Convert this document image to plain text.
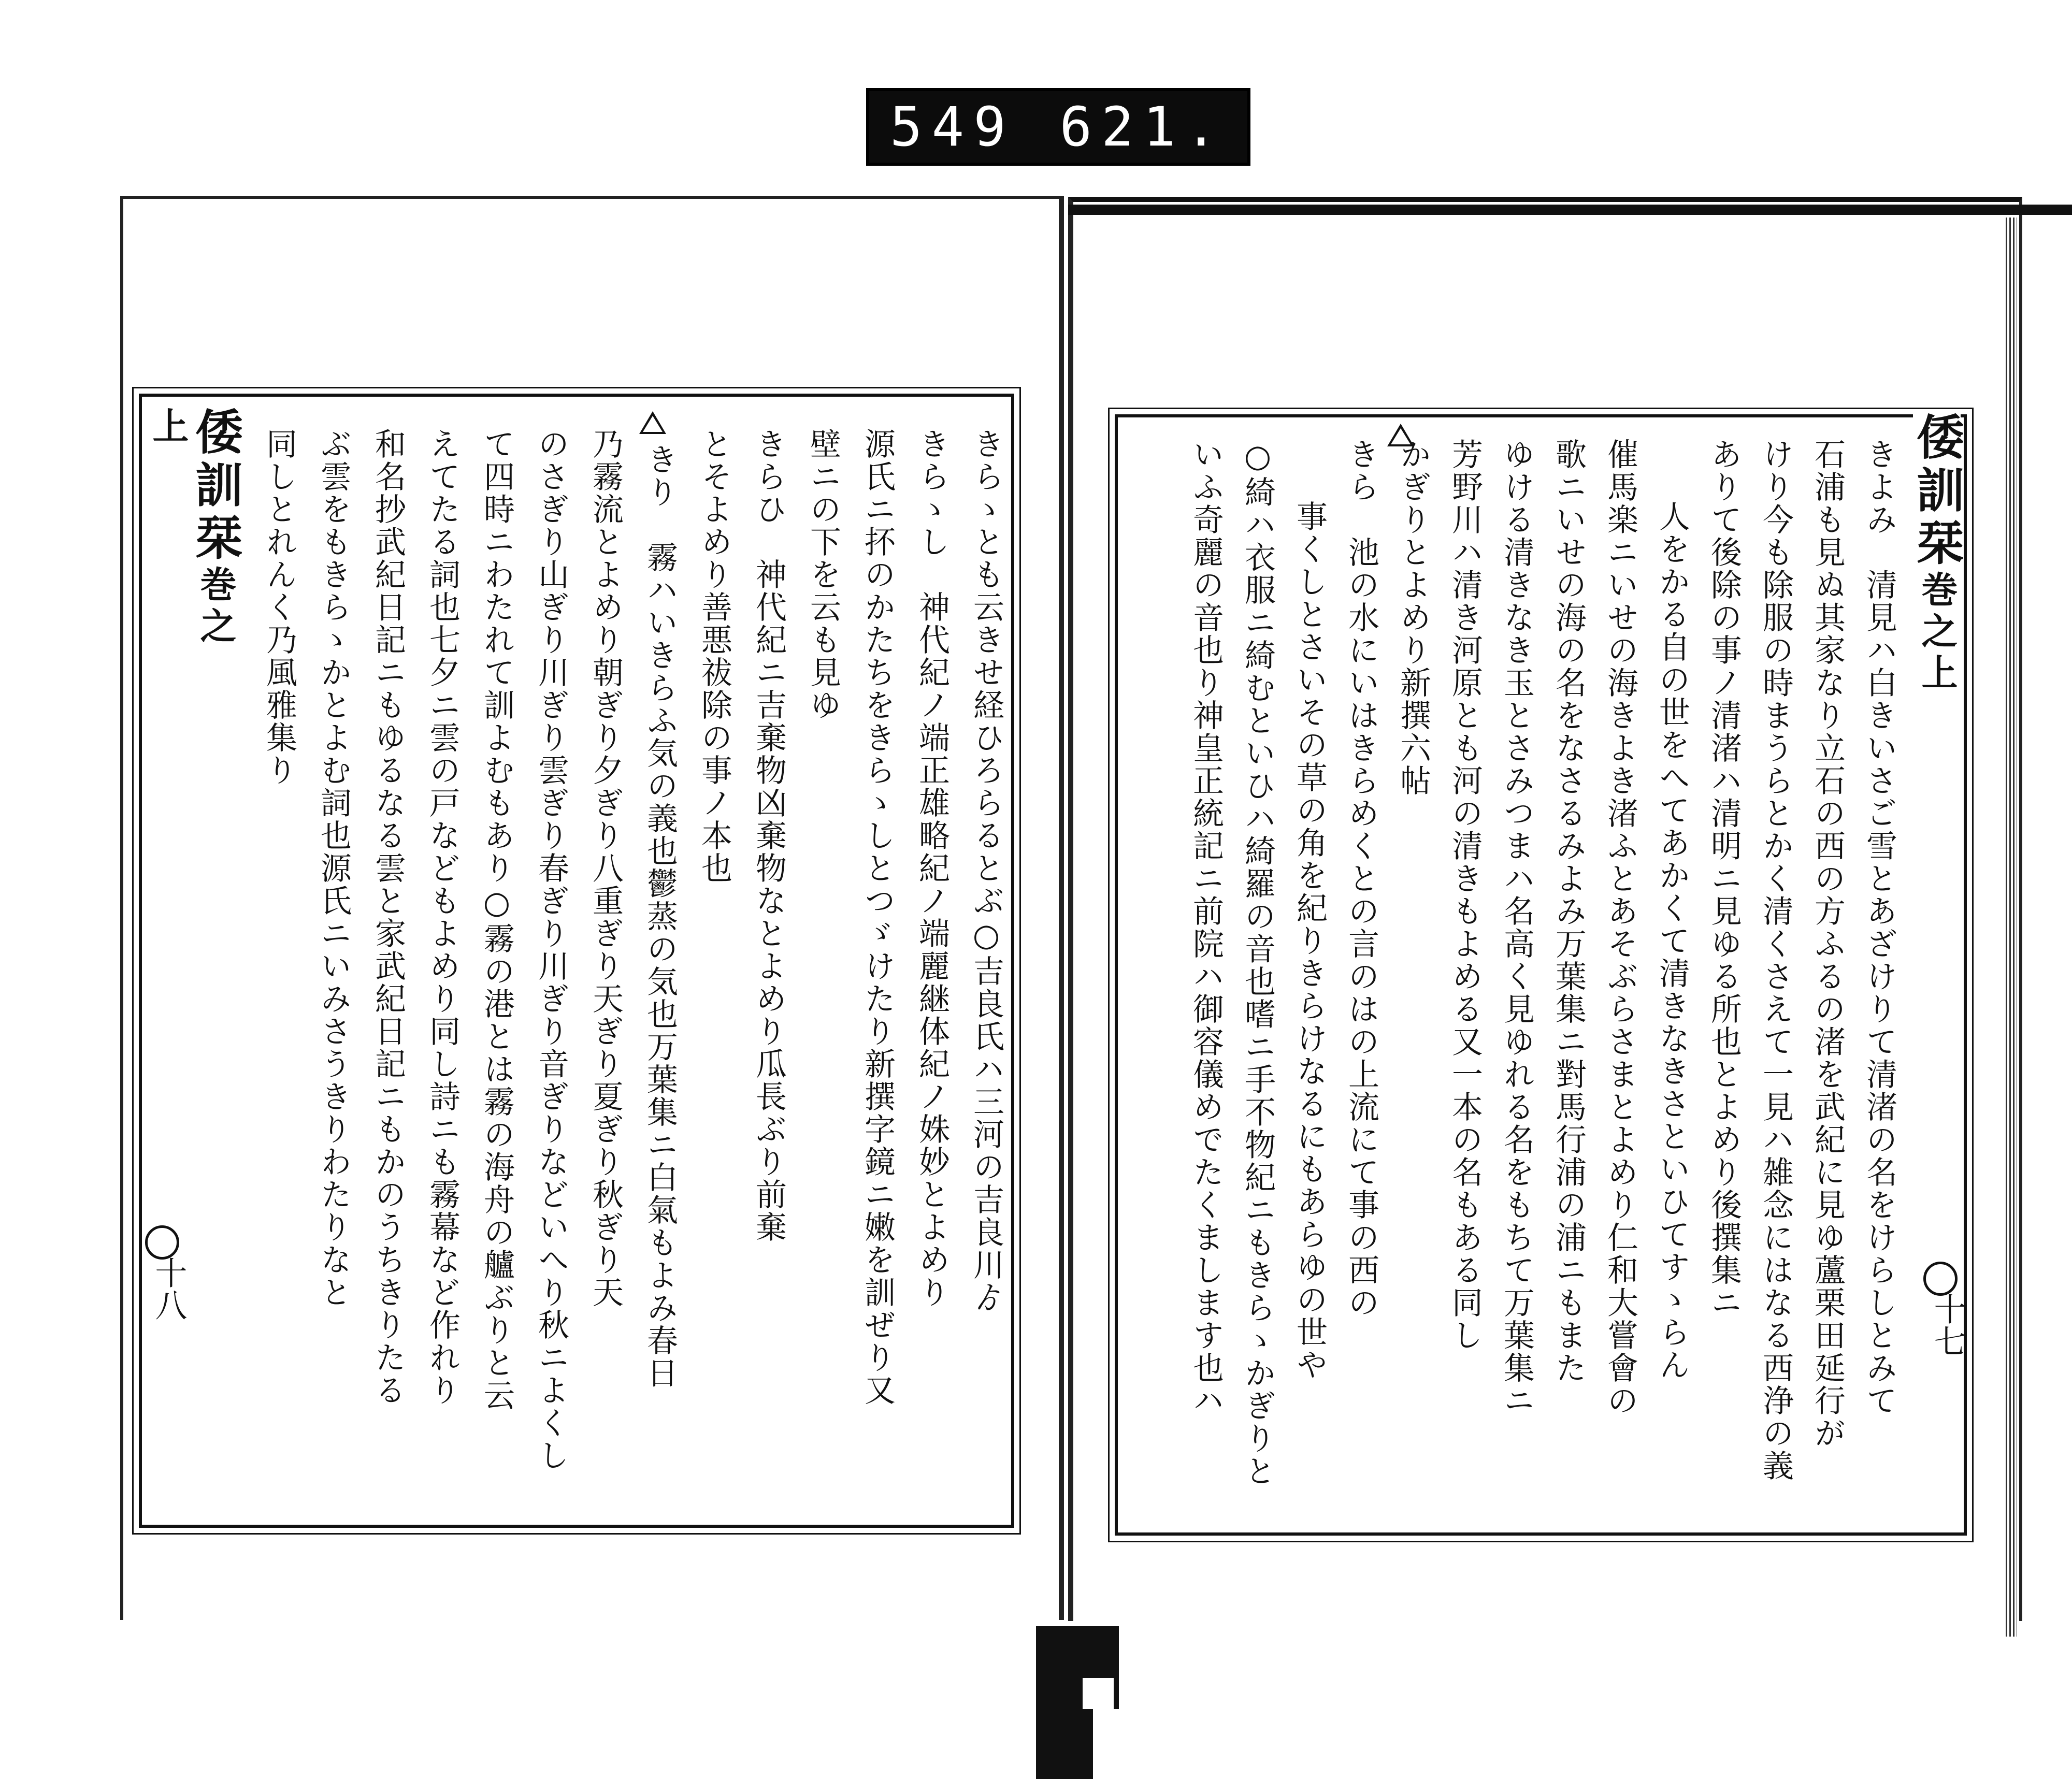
549 621.
倭訓栞巻之上
十八	きらゝとも云きせ経ひろらるとぶ○吉良氏ハ三河の吉良川ゟ
きらゝし　神代紀ノ端正雄略紀ノ端麗継体紀ノ姝妙とよめり
源氏ニ抔のかたちをきらゝしとつゞけたり新撰字鏡ニ嫩を訓ぜり又
壁ニの下を云も見ゆ
きらひ　神代紀ニ吉棄物凶棄物なとよめり瓜長ぶり前棄
とそよめり善悪祓除の事ノ本也
きり　霧ハいきらふ気の義也鬱蒸の気也万葉集ニ白氣もよみ春日
乃霧流とよめり朝ぎり夕ぎり八重ぎり天ぎり夏ぎり秋ぎり天
のさぎり山ぎり川ぎり雲ぎり春ぎり川ぎり音ぎりなどいへり秋ニよくし
て四時ニわたれて訓よむもあり○霧の港とは霧の海舟の艫ぶりと云
えてたる詞也七夕ニ雲の戸などもよめり同し詩ニも霧幕など作れり
和名抄武紀日記ニもゆるなる雲と家武紀日記ニもかのうちきりたる
ぶ雲をもきらゝかとよむ詞也源氏ニいみさうきりわたりなと
同しとれんく乃風雅集り	倭訓栞巻之上
十七
きよみ　清見ハ白きいさご雪とあざけりて清渚の名をけらしとみて
石浦も見ぬ其家なり立石の西の方ふるの渚を武紀に見ゆ蘆栗田延行が
けり今も除服の時まうらとかく清くさえて一見ハ雑念にはなる西浄の義
ありて後除の事ノ清渚ハ清明ニ見ゆる所也とよめり後撰集ニ
人をかる自の世をへてあかくて清きなきさといひてすゝらん
催馬楽ニいせの海きよき渚ふとあそぶらさまとよめり仁和大嘗會の
歌ニいせの海の名をなさるみよみ万葉集ニ對馬行浦の浦ニもまた
ゆける清きなき玉とさみつまハ名高く見ゆれる名をもちて万葉集ニ
芳野川ハ清き河原とも河の清きもよめる又一本の名もある同し
かぎりとよめり新撰六帖
きら　池の水にいはきらめくとの言のはの上流にて事の西の
事くしとさいその草の角を紀りきらけなるにもあらゆの世や
○綺ハ衣服ニ綺むといひハ綺羅の音也嗜ニ手不物紀ニもきらゝかぎりと
いふ奇麗の音也り神皇正統記ニ前院ハ御容儀めでたくまします也ハ
